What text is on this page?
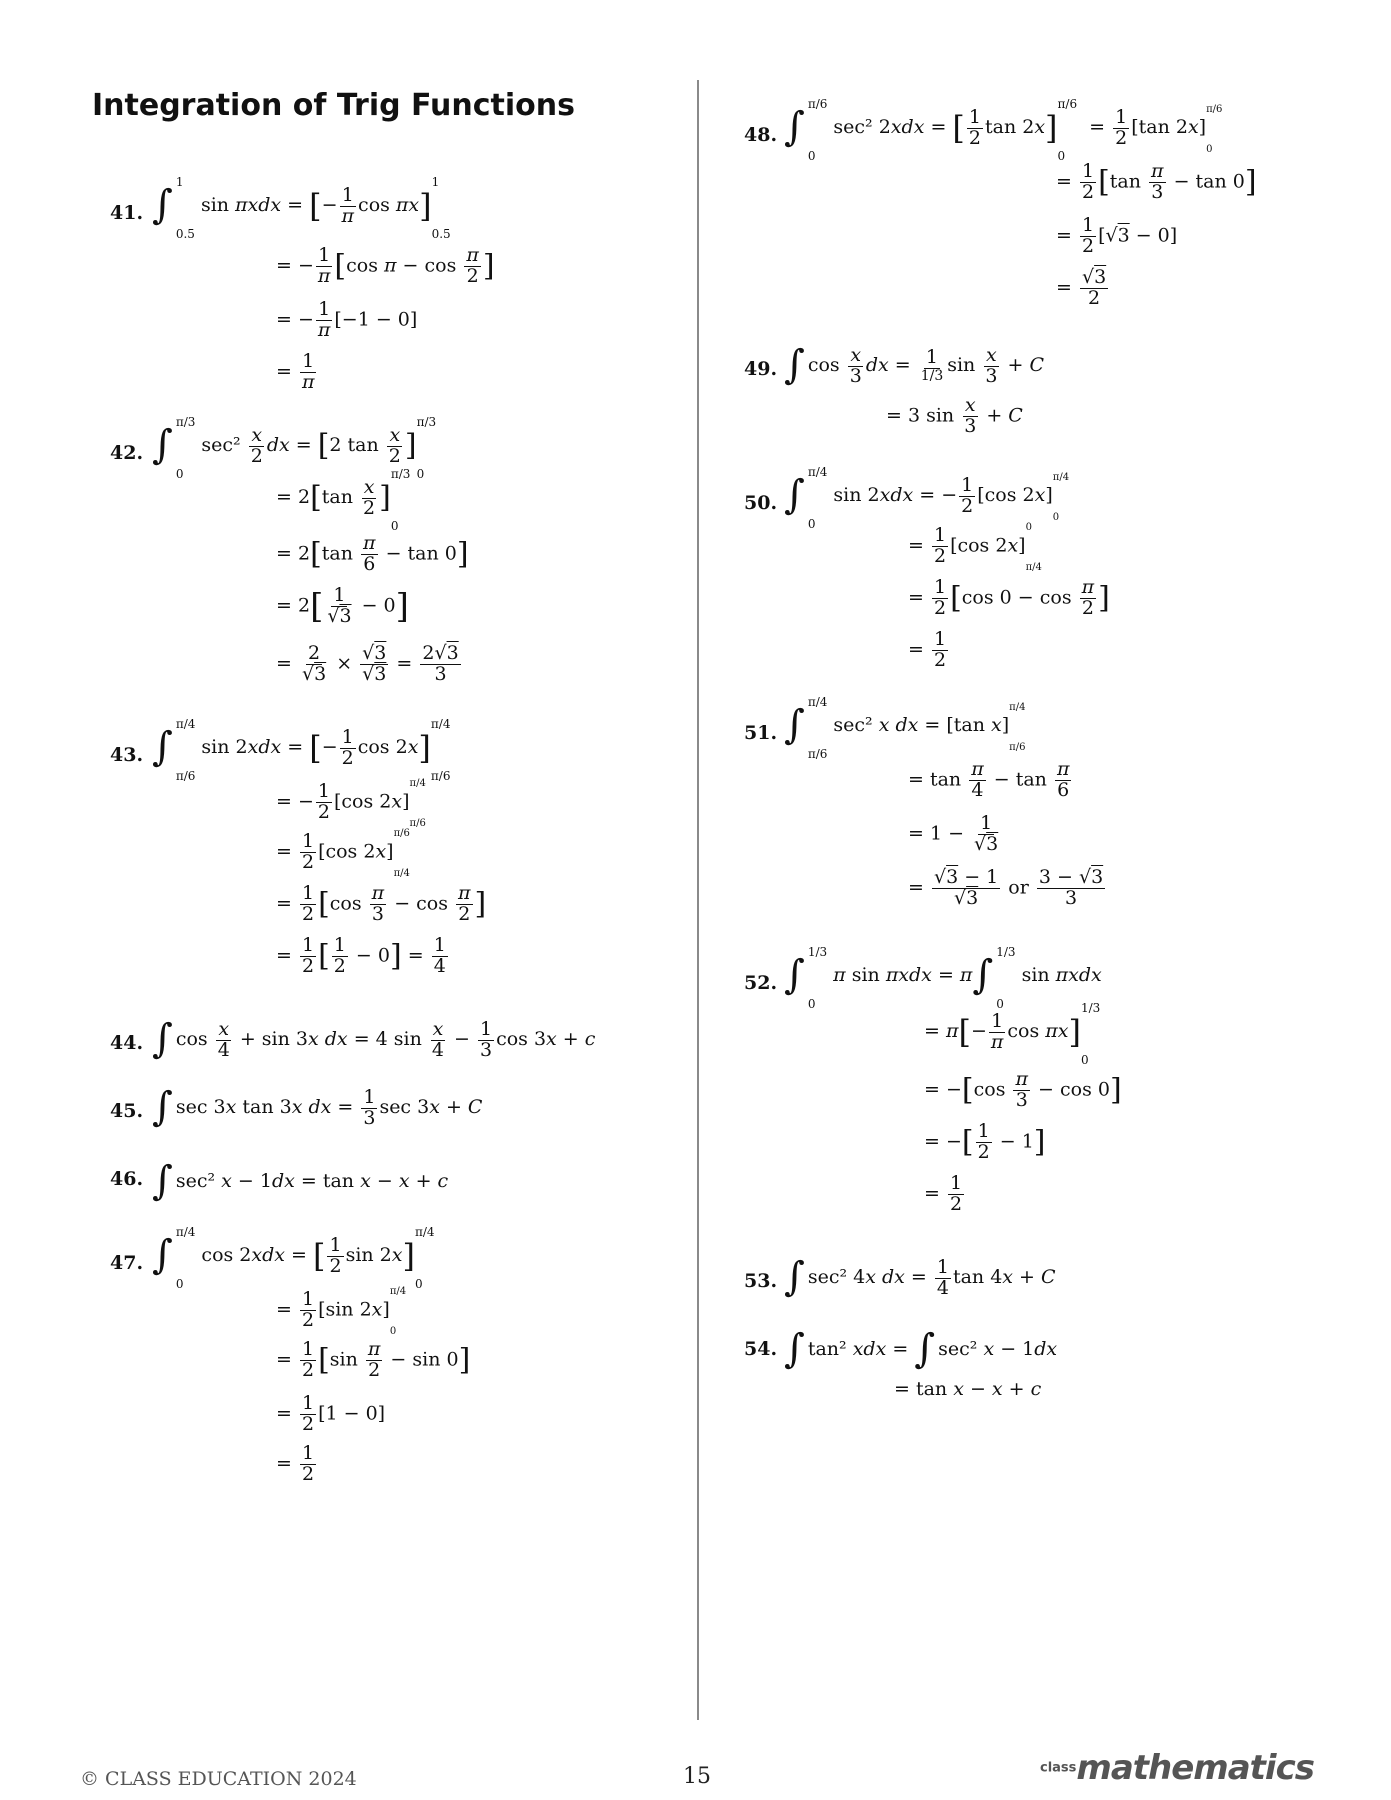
Integration of Trig Functions
41. ∫ 1
0.5
sin πxdx = [− $\frac{1}{\pi}$ cos πx]
1
0.5
= − $\frac{1}{\pi} [\cos$ $\pi - \cos \frac{\pi}{2}$ ]
= − $\frac{1}{\pi} [-1 - 0]$
= $\frac{1}{\pi}$
42. ∫ π/3
0
$\sec^2 \frac{x}{2}$ dx = [2 $\tan \frac{x}{2}$ ]
π/3
0
= $2[\tan \frac{x}{2}$ ]
π/3
0
= $2[\tan \frac{\pi}{6} - \tan 0]$
= $2[ \frac{1}{√3} - 0]$
= $\frac{2}{√3} \times \frac{√3}{√3} = \frac{2√3}{3}$
43. ∫ π/4
π/6
sin 2xdx = [− $\frac{1}{2}$ cos 2x]
π/4
π/6
= − $\frac{1}{2} [\cos$ 2x]
π/4
π/6
= $\frac{1}{2} [\cos$ 2x]
π/6
π/4
= $\frac{1}{2} [\cos \frac{\pi}{3} - \cos \frac{\pi}{2}$ ]
= $\frac{1}{2}$ [ $\frac{1}{2} - 0] = \frac{1}{4}$
44. ∫ $\cos \frac{x}{4} + \sin 3x$ dx = 4 $\sin \frac{x}{4} - \frac{1}{3}$ cos 3x + c
45. ∫ sec 3x tan 3x dx = $\frac{1}{3}$ sec 3x + C
46. ∫ sec² x − 1dx = tan x − x + c
47. ∫ π/4
0
cos 2xdx = [ $\frac{1}{2}$ sin 2x]
π/4
0
= $\frac{1}{2} [\sin$ 2x]
π/4
0
= $\frac{1}{2} [\sin \frac{\pi}{2} - \sin 0]$
= $\frac{1}{2} [1 - 0]$
= $\frac{1}{2}$
48. ∫ π/6
0
sec² 2xdx = [ $\frac{1}{2}$ tan 2x]
π/6
0
= $\frac{1}{2} [\tan$ 2x]
π/6
0
= $\frac{1}{2} [\tan \frac{\pi}{3} - \tan 0]$
= $\frac{1}{2} [√3 - 0]$
= $\frac{√3}{2}$
49. ∫ $\cos \frac{x}{3}$ dx = $\frac{1}{1/3}$ $\sin \frac{x}{3} + C$
= 3 $\sin \frac{x}{3} + C$
50. ∫ π/4
0
sin 2xdx = − $\frac{1}{2} [\cos$ 2x]
π/4
0
= $\frac{1}{2} [\cos$ 2x]
0
π/4
= $\frac{1}{2} [\cos$ $0 - \cos \frac{\pi}{2}$ ]
= $\frac{1}{2}$
51. ∫ π/4
π/6
sec² x dx = [tan x]
π/4
π/6
= $\tan \frac{\pi}{4} - \tan \frac{\pi}{6}$
= $1 - \frac{1}{√3}$
= $\frac{√3 - 1}{√3}$ or $\frac{3 - √3}{3}$
52. ∫ 1/3
0
π sin πxdx = π∫ 1/3
0
sin πxdx
= $\pi[- \frac{1}{\pi}$ cos πx]
1/3
0
= $-[\cos \frac{\pi}{3} - \cos 0]$
= −[ $\frac{1}{2} - 1$]
= $\frac{1}{2}$
53. ∫ sec² 4x dx = $\frac{1}{4}$ tan 4x + C
54. ∫ tan² xdx = ∫ sec² x − 1dx
= tan x − x + c
© CLASS EDUCATION 2024	15	classmathematics
